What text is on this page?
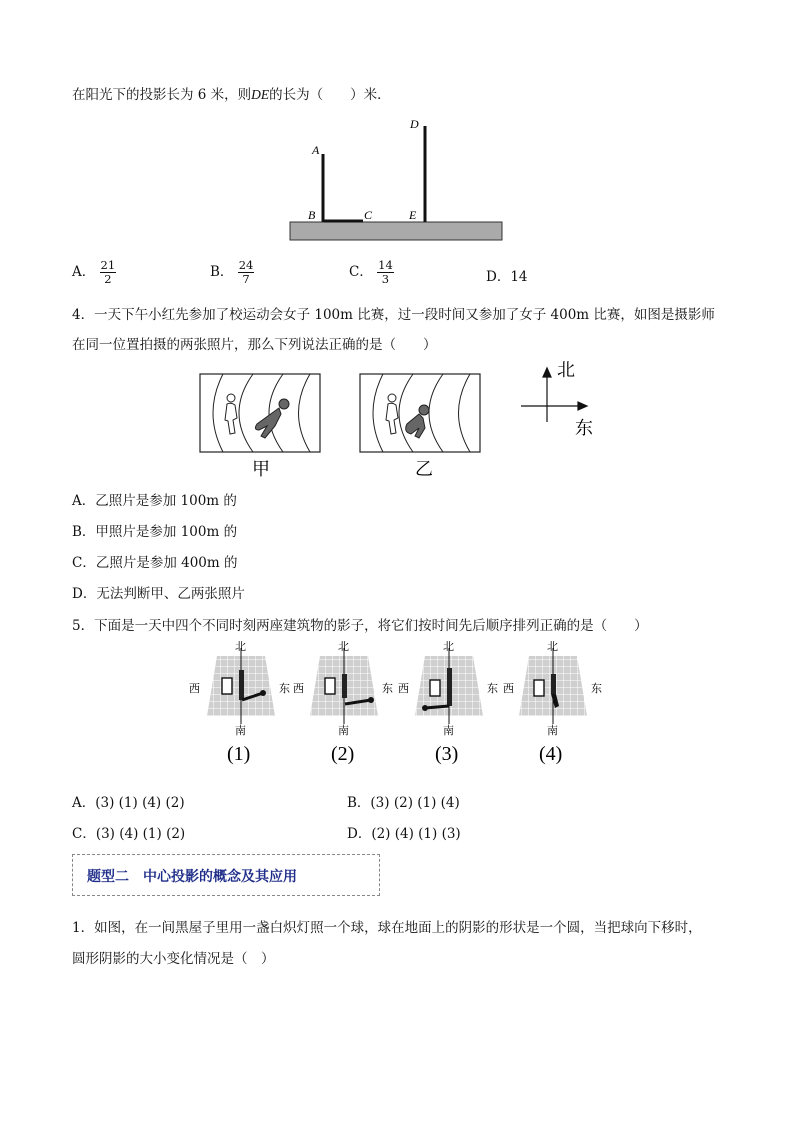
在阳光下的投影长为 6 米，则DE的长为（　　）米．
A
B	C
D
E
A． $\frac{21}{2}$	B． $\frac{24}{7}$	C． $\frac{14}{3}$	D．14
4．一天下午小红先参加了校运动会女子 100m 比赛，过一段时间又参加了女子 400m 比赛，如图是摄影师
在同一位置拍摄的两张照片，那么下列说法正确的是（　　）
甲	乙
北
东
A．乙照片是参加 100m 的
B．甲照片是参加 100m 的
C．乙照片是参加 400m 的
D．无法判断甲、乙两张照片
5．下面是一天中四个不同时刻两座建筑物的影子，将它们按时间先后顺序排列正确的是（　　）
北
西	东
南
北
西	东
南
北
西	东
南
北
西	东
南
(1)	(2)	(3)	(4)
A．(3) (1) (4) (2)	B．(3) (2) (1) (4)
C．(3) (4) (1) (2)	D．(2) (4) (1) (3)
题型二　中心投影的概念及其应用
1．如图，在一间黑屋子里用一盏白炽灯照一个球，球在地面上的阴影的形状是一个圆，当把球向下移时，
圆形阴影的大小变化情况是（　）
